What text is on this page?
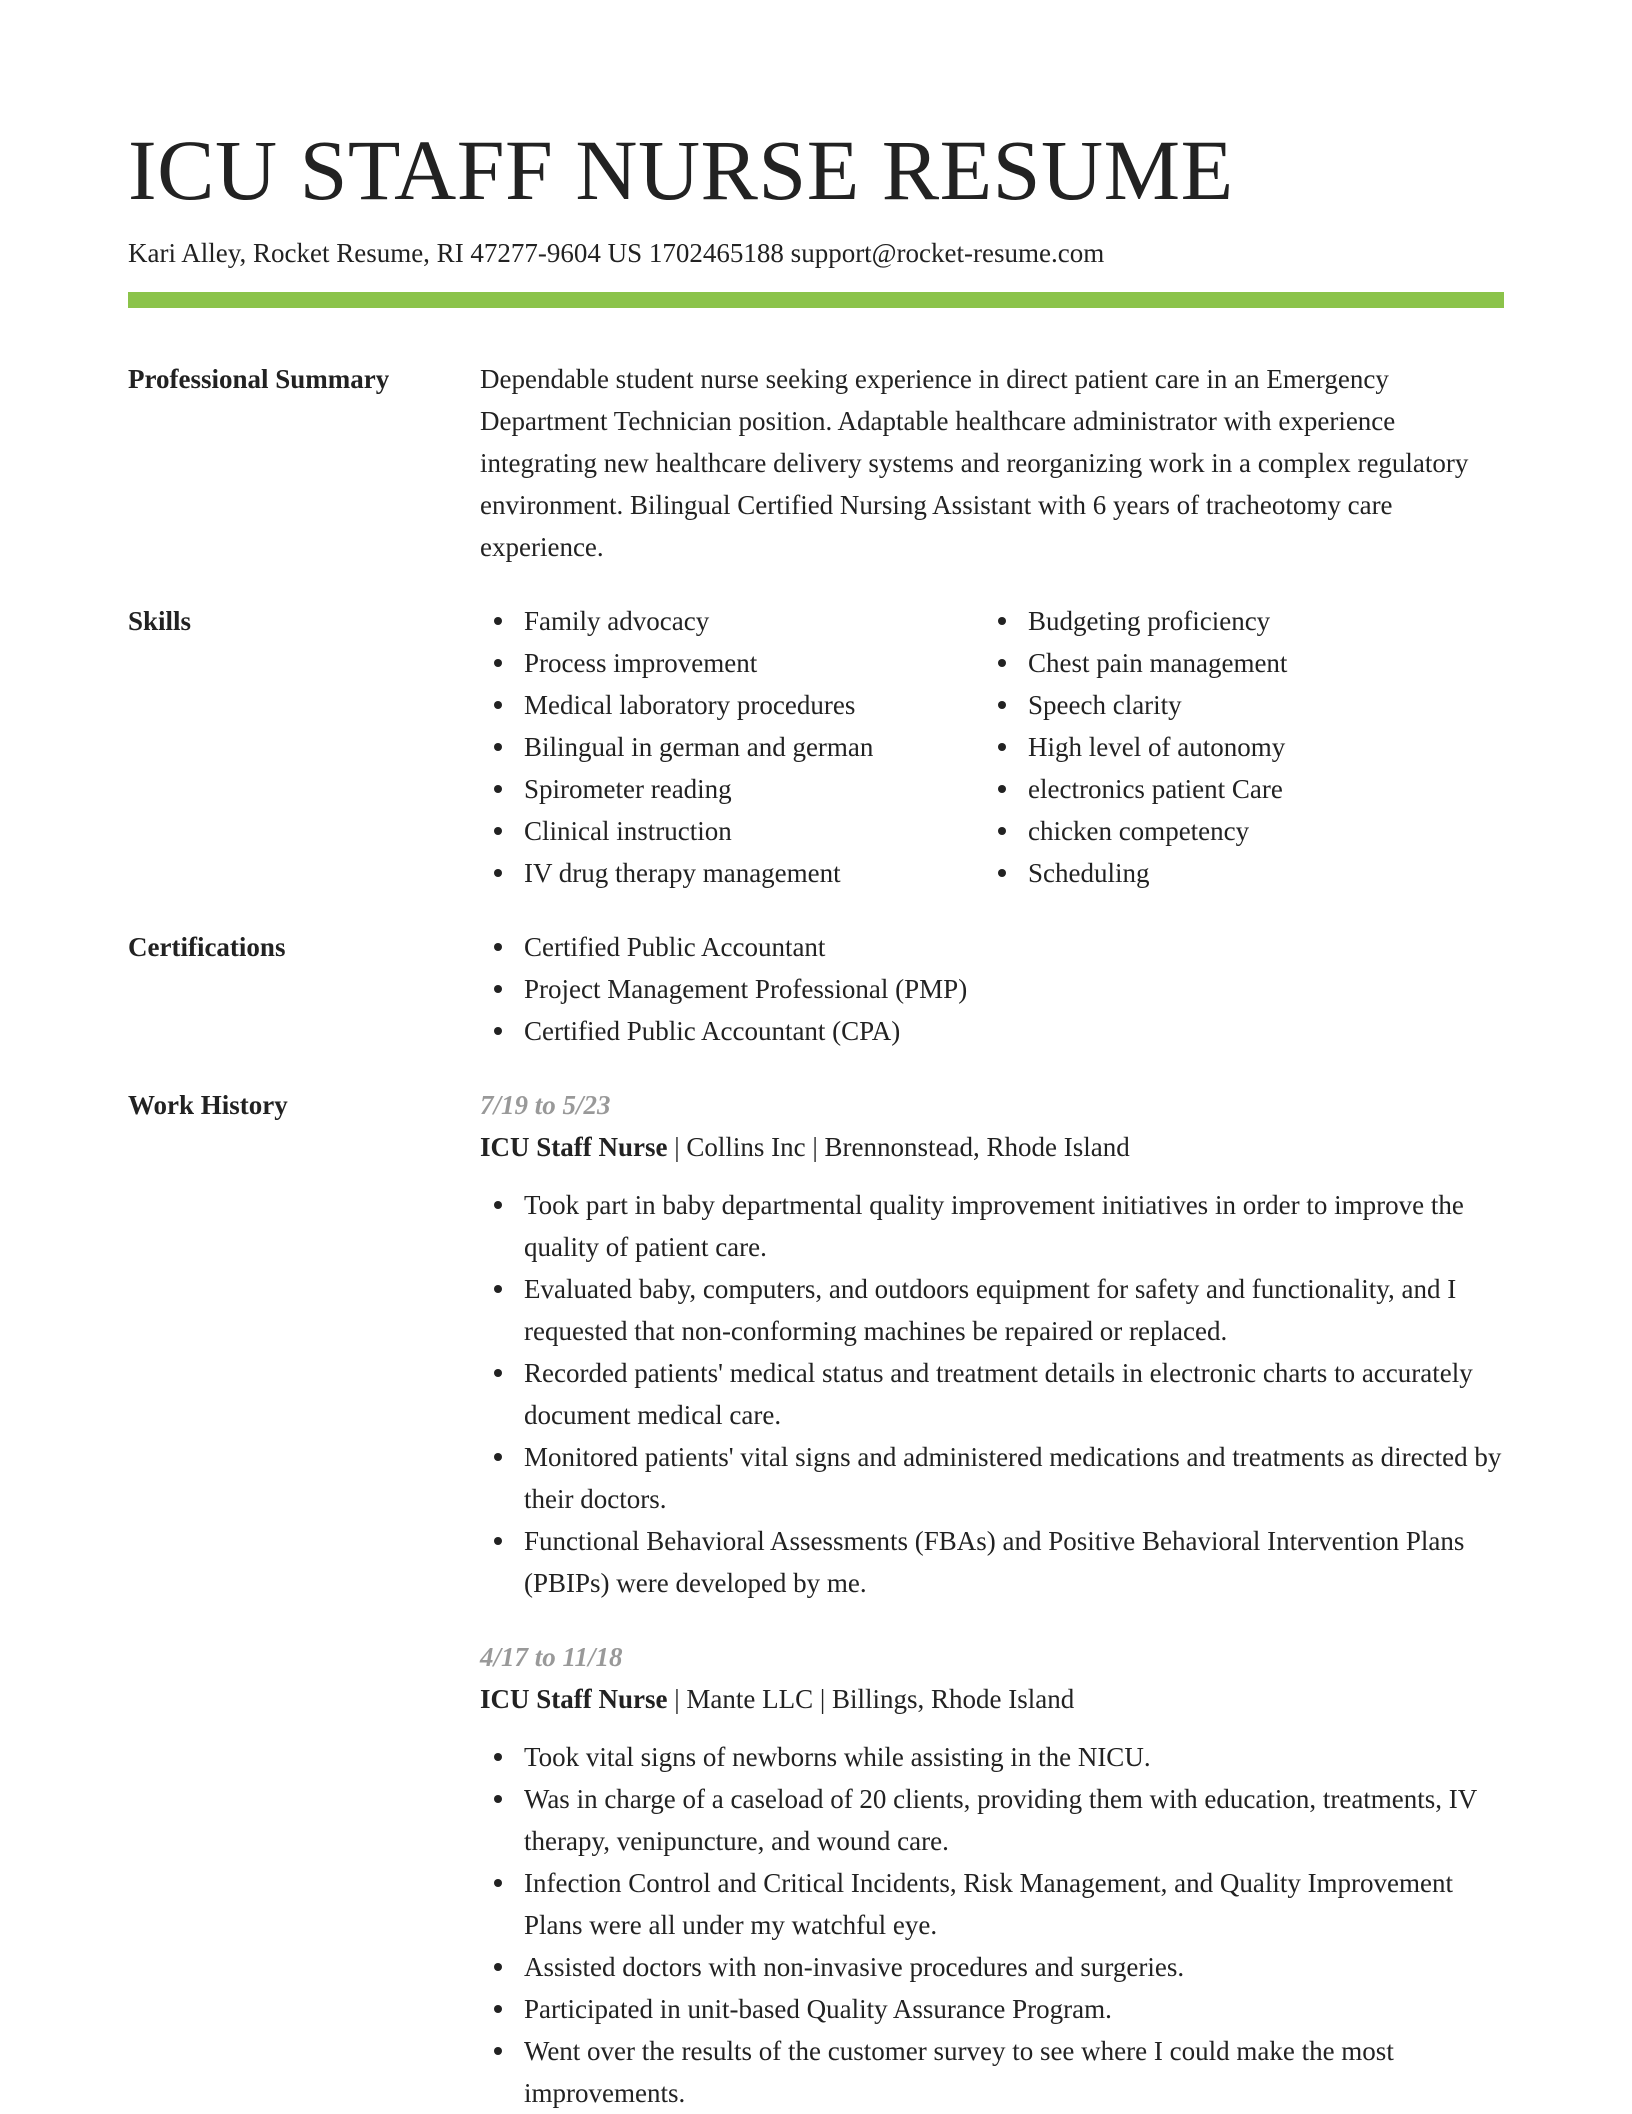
ICU STAFF NURSE RESUME
Kari Alley, Rocket Resume, RI 47277-9604 US 1702465188 support@rocket-resume.com
Professional Summary	Dependable student nurse seeking experience in direct patient care in an Emergency Department Technician position. Adaptable healthcare administrator with experience integrating new healthcare delivery systems and reorganizing work in a complex regulatory environment. Bilingual Certified Nursing Assistant with 6 years of tracheotomy care experience.
Skills	Family advocacy
Process improvement
Medical laboratory procedures
Bilingual in german and german
Spirometer reading
Clinical instruction
IV drug therapy management
Budgeting proficiency
Chest pain management
Speech clarity
High level of autonomy
electronics patient Care
chicken competency
Scheduling
Certifications	Certified Public Accountant
Project Management Professional (PMP)
Certified Public Accountant (CPA)
Work History	7/19 to 5/23
ICU Staff Nurse | Collins Inc | Brennonstead, Rhode Island
Took part in baby departmental quality improvement initiatives in order to improve the quality of patient care.
Evaluated baby, computers, and outdoors equipment for safety and functionality, and I requested that non-conforming machines be repaired or replaced.
Recorded patients' medical status and treatment details in electronic charts to accurately document medical care.
Monitored patients' vital signs and administered medications and treatments as directed by their doctors.
Functional Behavioral Assessments (FBAs) and Positive Behavioral Intervention Plans (PBIPs) were developed by me.
4/17 to 11/18
ICU Staff Nurse | Mante LLC | Billings, Rhode Island
Took vital signs of newborns while assisting in the NICU.
Was in charge of a caseload of 20 clients, providing them with education, treatments, IV therapy, venipuncture, and wound care.
Infection Control and Critical Incidents, Risk Management, and Quality Improvement Plans were all under my watchful eye.
Assisted doctors with non-invasive procedures and surgeries.
Participated in unit-based Quality Assurance Program.
Went over the results of the customer survey to see where I could make the most improvements.
